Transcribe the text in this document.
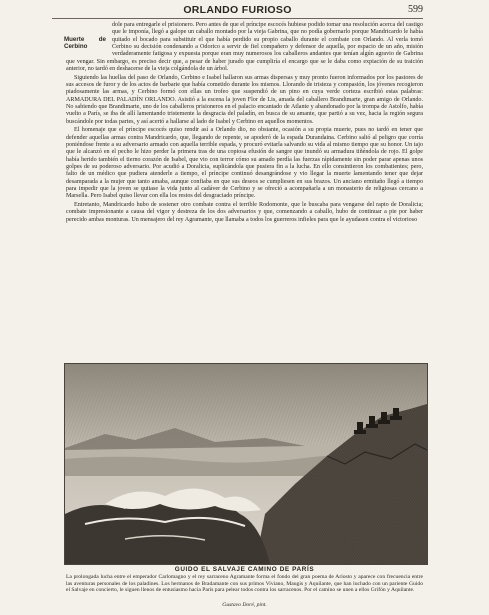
ORLANDO FURIOSO	599

Muerte de Cerbino
dole para entregarle el prisionero. Pero antes de que el príncipe escocés hubiese podido tomar una resolución acerca del castigo que le imponía, llegó a galope un caballo montado por la vieja Gabrina, que no podía gobernarlo porque Mandricardo le había quitado el bocado para substituir el que había perdido su propio caballo durante el combate con Orlando. Al verla tomó Cerbino su decisión condenando a Odorico a servir de fiel compañero y defensor de aquella, por espacio de un año, misión verdaderamente fatigosa y expuesta porque eran muy numerosos los caballeros andantes que tenían algún agravio de Gabrina que vengar. Sin embargo, es preciso decir que, a pesar de haber jurado que cumpliría el encargo que se le daba como expiación de su traición anterior, no tardó en deshacerse de la vieja colgándola de un árbol.

Siguiendo las huellas del paso de Orlando, Cerbino e Isabel hallaron sus armas dispersas y muy pronto fueron informados por los pastores de sus accesos de furor y de los actos de barbarie que había cometido durante los mismos. Llorando de tristeza y compasión, los jóvenes recogieron piadosamente las armas, y Cerbino formó con ellas un trofeo que suspendió de un pino en cuya verde corteza escribió estas palabras: ARMADURA DEL PALADÍN ORLANDO. Asistió a la escena la joven Flor de Lis, amada del caballero Brandimarte, gran amigo de Orlando. No sabiendo que Brandimarte, uno de los caballeros prisioneros en el palacio encantado de Atlante y abandonado por la trompa de Astolfo, había vuelto a París, se iba de allí lamentando tristemente la desgracia del paladín, en busca de su amante, que partió a su vez, hacia la región segura buscándole por todas partes, y así acertó a hallarse al lado de Isabel y Cerbino en aquellos momentos.

El homenaje que el príncipe escocés quiso rendir así a Orlando dio, no obstante, ocasión a su propia muerte, pues no tardó en tener que defender aquellas armas contra Mandricardo, que, llegando de repente, se apoderó de la espada Durandaina. Cerbino salió al peligro que corría poniéndose frente a su adversario armado con aquella terrible espada, y procuró evitarla salvando su vida al mismo tiempo que su honor. Un tajo que le alcanzó en el pecho le hizo perder la primera tras de una copiosa efusión de sangre que inundó su armadura tiñéndola de rojo. El golpe había herido también el tierno corazón de Isabel, que vio con terror cómo su amado perdía las fuerzas rápidamente sin poder parar apenas unos golpes de su poderoso adversario. Por acudió a Doralicia, suplicándola que pusiera fin a la lucha. En ello consintieron los combatientes; pero, falto de un médico que pudiera atenderle a tiempo, el príncipe continuó desangrándose y vio llegar la muerte lamentando tener que dejar desamparada a la mujer que tanto amaba, aunque confiaba en que sus deseos se cumpliesen en sus brazos. Un anciano ermitaño llegó a tiempo para impedir que la joven se quitase la vida junto al cadáver de Cerbino y se ofreció a acompañarla a un monasterio de religiosas cercano a Marsella. Pero Isabel quiso llevar con ella los restos del desgraciado príncipe.

Entretanto, Mandricardo hubo de sostener otro combate contra el terrible Rodomonte, que le buscaba para vengarse del rapto de Doralicia; combate impresionante a causa del vigor y destreza de los dos adversarios y que, comenzando a caballo, hubo de continuar a pie por haber perecido ambas monturas. Un mensajero del rey Agramante, que llamaba a todos los guerreros infieles para que le ayudasen contra el victorioso

GUIDO EL SALVAJE CAMINO DE PARÍS
La prolongada lucha entre el emperador Carlomagno y el rey sarraceno Agramante forma el fondo del gran poema de Ariosto y aparece con frecuencia entre las aventuras personales de los paladines. Los hermanos de Bradamante con sus primos Viviano, Maugis y Aquilante, que han luchado con un pariente Guido el Salvaje en concierto, le siguen llenos de entusiasmo hacia París para pelear todos contra los sarracenos. Por el camino se unen a ellos Grifón y Aquilante.
Gustavo Doré, pint.
